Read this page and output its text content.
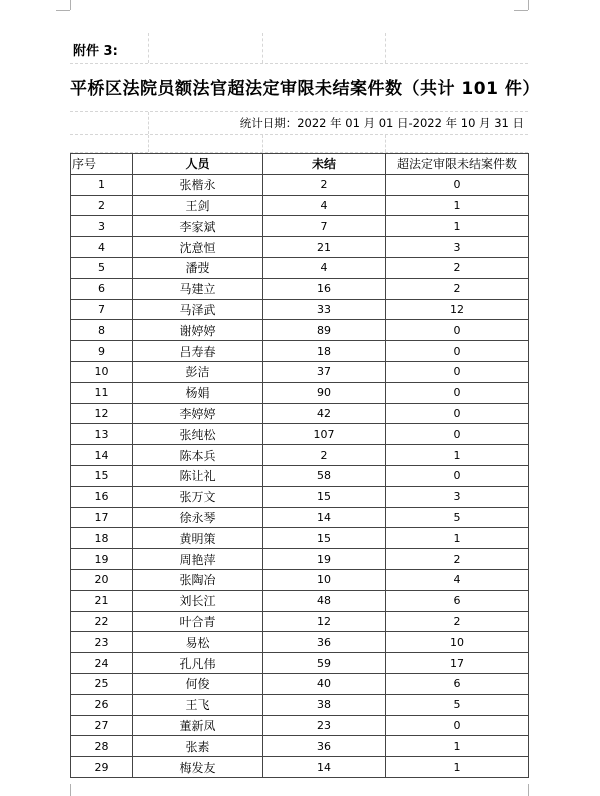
附件 3:
平桥区法院员额法官超法定审限未结案件数（共计 101 件）
统计日期：2022 年 01 月 01 日-2022 年 10 月 31 日
序号	人员	未结	超法定审限未结案件数
1	张楷永	2	0
2	王剑	4	1
3	李家斌	7	1
4	沈意恒	21	3
5	潘弢	4	2
6	马建立	16	2
7	马泽武	33	12
8	谢婷婷	89	0
9	吕寿春	18	0
10	彭洁	37	0
11	杨娟	90	0
12	李婷婷	42	0
13	张纯松	107	0
14	陈本兵	2	1
15	陈让礼	58	0
16	张万文	15	3
17	徐永琴	14	5
18	黄明策	15	1
19	周艳萍	19	2
20	张陶冶	10	4
21	刘长江	48	6
22	叶合青	12	2
23	易松	36	10
24	孔凡伟	59	17
25	何俊	40	6
26	王飞	38	5
27	董新凤	23	0
28	张素	36	1
29	梅发友	14	1
